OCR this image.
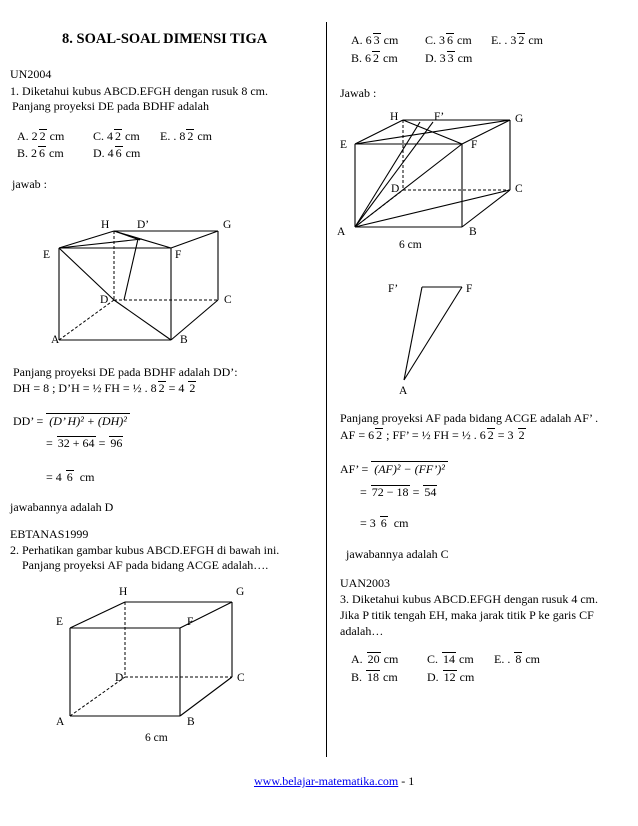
8. SOAL-SOAL DIMENSI TIGA
UN2004
1. Diketahui kubus ABCD.EFGH dengan rusuk 8 cm.
Panjang proyeksi DE pada BDHF adalah
A. 2 2 cm C. 4 2 cm E. . 8 2 cm
B. 2 6 cm D. 4 6 cm
jawab :
H D’	G
E	F
D	C
A	B
H	G
E	F
D	C
A	B
6 cm
H	F’	G
E	F
D	C
A	B
6 cm
F’	F
A
Panjang proyeksi DE pada BDHF adalah DD’:
DH = 8 ; D’H = ½ FH = ½ . 8 2 = 4 2
DD’ = (D’ H)² + (DH)²
= 32 + 64 = 96
= 4 6 cm
jawabannya adalah D
EBTANAS1999
2. Perhatikan gambar kubus ABCD.EFGH di bawah ini.
Panjang proyeksi AF pada bidang ACGE adalah….
A. 6 3 cm C. 3 6 cm E. . 3 2 cm
B. 6 2 cm D. 3 3 cm
Jawab :
Panjang proyeksi AF pada bidang ACGE adalah AF’ .
AF = 6 2 ; FF’ = ½ FH = ½ . 6 2 = 3 2
AF’ = (AF)² − (FF’)²
= 72 − 18 = 54
= 3 6 cm
jawabannya adalah C
UAN2003
3. Diketahui kubus ABCD.EFGH dengan rusuk 4 cm.
Jika P titik tengah EH, maka jarak titik P ke garis CF
adalah…
A. 20 cm C. 14 cm E. . 8 cm
B. 18 cm D. 12 cm
www.belajar-matematika.com - 1
